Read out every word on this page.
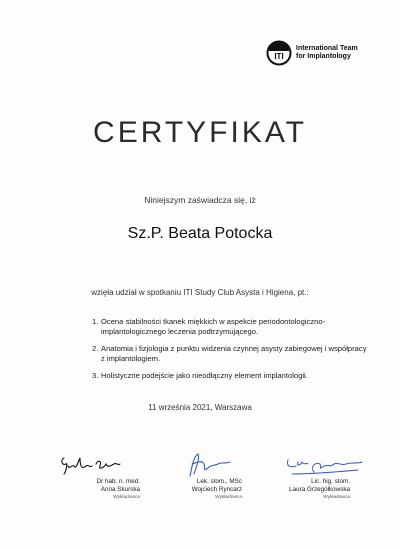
ITI
International Team
for Implantology
CERTYFIKAT
Niniejszym zaświadcza się, iż
Sz.P. Beata Potocka
wzięła udział w spotkaniu ITI Study Club Asysta i Higiena, pt.:
1. Ocena stabilności tkanek miękkich w aspekcie periodontologiczno-implantologicznego leczenia podtrzymującego.
2. Anatomia i fizjologia z punktu widzenia czynnej asysty zabiegowej i współpracy z implantologiem.
3. Holistyczne podejście jako nieodłączny element implantologii.
11 września 2021, Warszawa
Dr hab. n. med.
Anna Skurska
Wykładowca
Lek. stom., MSc
Wojciech Ryncarz
Wykładowca
Lic. hig. stom.
Laura Grzegółkowska
Wykładowca
